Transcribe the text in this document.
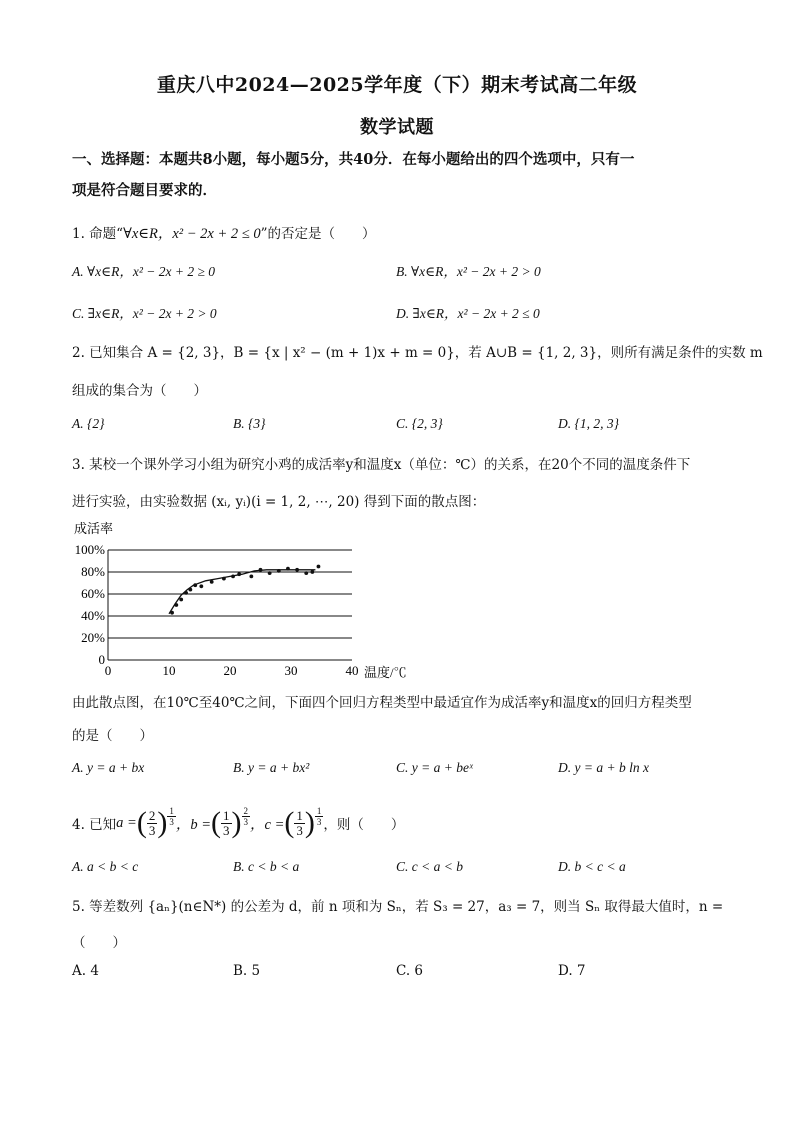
重庆八中2024—2025学年度（下）期末考试高二年级
数学试题
一、选择题：本题共8小题，每小题5分，共40分．在每小题给出的四个选项中，只有一
项是符合题目要求的．
1. 命题“∀x∈R，x² − 2x + 2 ≤ 0”的否定是（　　）
A. ∀x∈R，x² − 2x + 2 ≥ 0	B. ∀x∈R，x² − 2x + 2 > 0
C. ∃x∈R，x² − 2x + 2 > 0	D. ∃x∈R，x² − 2x + 2 ≤ 0
2. 已知集合 A = {2, 3}，B = {x | x² − (m + 1)x + m = 0}，若 A∪B = {1, 2, 3}，则所有满足条件的实数 m
组成的集合为（　　）
A. {2}	B. {3}	C. {2, 3}	D. {1, 2, 3}
3. 某校一个课外学习小组为研究小鸡的成活率y和温度x（单位：℃）的关系，在20个不同的温度条件下
进行实验，由实验数据 (xᵢ, yᵢ)(i = 1, 2, ⋯, 20) 得到下面的散点图：
成活率
0
20%
40%
60%
80%
100%
0	10	20	30	40 温度/℃
由此散点图，在10℃至40℃之间，下面四个回归方程类型中最适宜作为成活率y和温度x的回归方程类型
的是（　　）
A. y = a + bx	B. y = a + bx²	C. y = a + beˣ	D. y = a + b ln x
4. 已知 a = ( $\frac{2}{3}$ ) $\frac{1}{3}$ ，b = ( $\frac{1}{3}$ ) $\frac{2}{3}$ ，c = ( $\frac{1}{3}$ ) $\frac{1}{3}$ ，则（　　）
A. a < b < c	B. c < b < a	C. c < a < b	D. b < c < a
5. 等差数列 {aₙ}(n∈N*) 的公差为 d，前 n 项和为 Sₙ，若 S₃ = 27，a₃ = 7，则当 Sₙ 取得最大值时，n =
（　　）
A. 4	B. 5	C. 6	D. 7
